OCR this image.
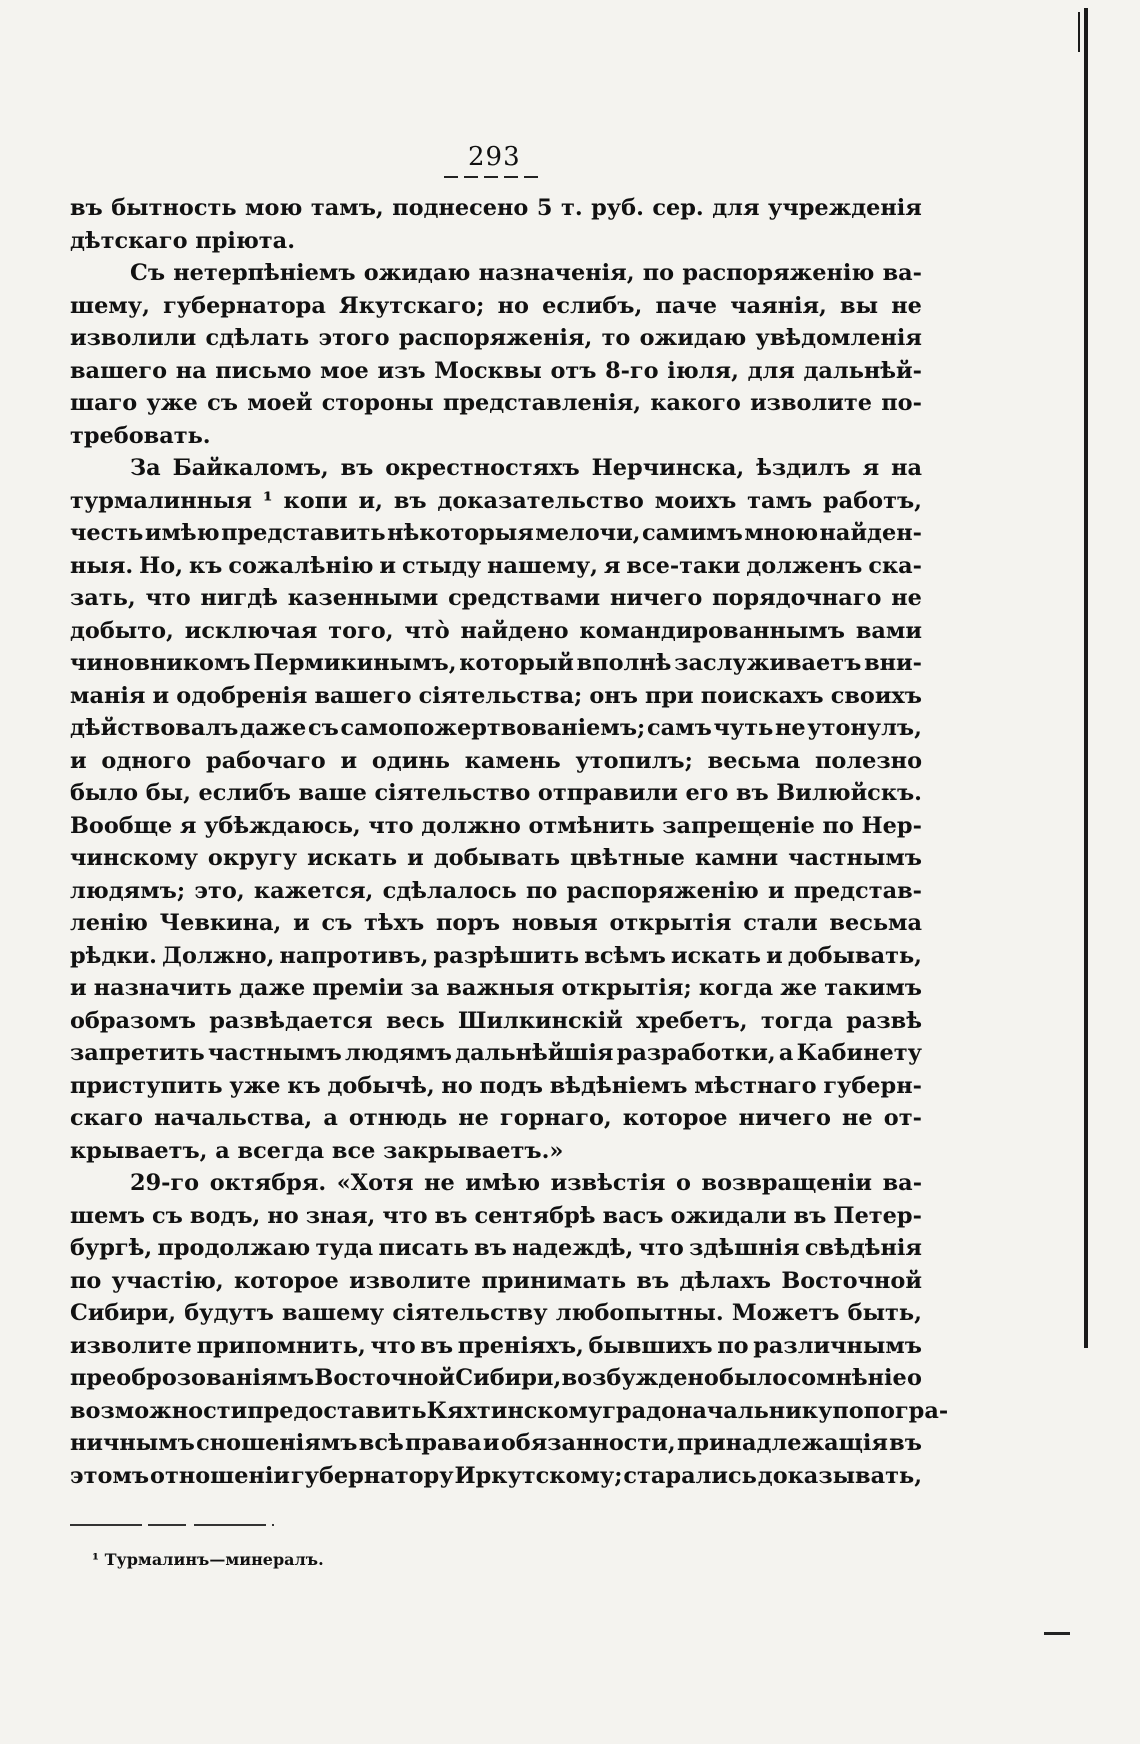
293
въ бытность мою тамъ, поднесено 5 т. руб. сер. для учрежденія
дѣтскаго пріюта.
Съ нетерпѣніемъ ожидаю назначенія, по распоряженію ва-
шему, губернатора Якутскаго; но еслибъ, паче чаянія, вы не
изволили сдѣлать этого распоряженія, то ожидаю увѣдомленія
вашего на письмо мое изъ Москвы отъ 8-го іюля, для дальнѣй-
шаго уже съ моей стороны представленія, какого изволите по-
требовать.
За Байкаломъ, въ окрестностяхъ Нерчинска, ѣздилъ я на
турмалинныя ¹ копи и, въ доказательство моихъ тамъ работъ,
честь имѣю представить нѣкоторыя мелочи, самимъ мною найден-
ныя. Но, къ сожалѣнію и стыду нашему, я все-таки долженъ ска-
зать, что нигдѣ казенными средствами ничего порядочнаго не
добыто, исключая того, что̀ найдено командированнымъ вами
чиновникомъ Пермикинымъ, который вполнѣ заслуживаетъ вни-
манія и одобренія вашего сіятельства; онъ при поискахъ своихъ
дѣйствовалъ даже съ самопожертвованіемъ; самъ чуть не утонулъ,
и одного рабочаго и одинь камень утопилъ; весьма полезно
было бы, еслибъ ваше сіятельство отправили его въ Вилюйскъ.
Вообще я убѣждаюсь, что должно отмѣнить запрещеніе по Нер-
чинскому округу искать и добывать цвѣтные камни частнымъ
людямъ; это, кажется, сдѣлалось по распоряженію и представ-
ленію Чевкина, и съ тѣхъ поръ новыя открытія стали весьма
рѣдки. Должно, напротивъ, разрѣшить всѣмъ искать и добывать,
и назначить даже преміи за важныя открытія; когда же такимъ
образомъ развѣдается весь Шилкинскій хребетъ, тогда развѣ
запретить частнымъ людямъ дальнѣйшія разработки, а Кабинету
приступить уже къ добычѣ, но подъ вѣдѣніемъ мѣстнаго губерн-
скаго начальства, а отнюдь не горнаго, которое ничего не от-
крываетъ, а всегда все закрываетъ.»
29-го октября. «Хотя не имѣю извѣстія о возвращеніи ва-
шемъ съ водъ, но зная, что въ сентябрѣ васъ ожидали въ Петер-
бургѣ, продолжаю туда писать въ надеждѣ, что здѣшнія свѣдѣнія
по участію, которое изволите принимать въ дѣлахъ Восточной
Сибири, будутъ вашему сіятельству любопытны. Можетъ быть,
изволите припомнить, что въ преніяхъ, бывшихъ по различнымъ
преоброзованіямъ Восточной Сибири, возбуждено было сомнѣніе о
возможности предоставить Кяхтинскому градоначальнику по погра-
ничнымъ сношеніямъ всѣ права и обязанности, принадлежащія въ
этомъ отношеніи губернатору Иркутскому; старались доказывать,
¹ Турмалинъ—минералъ.
